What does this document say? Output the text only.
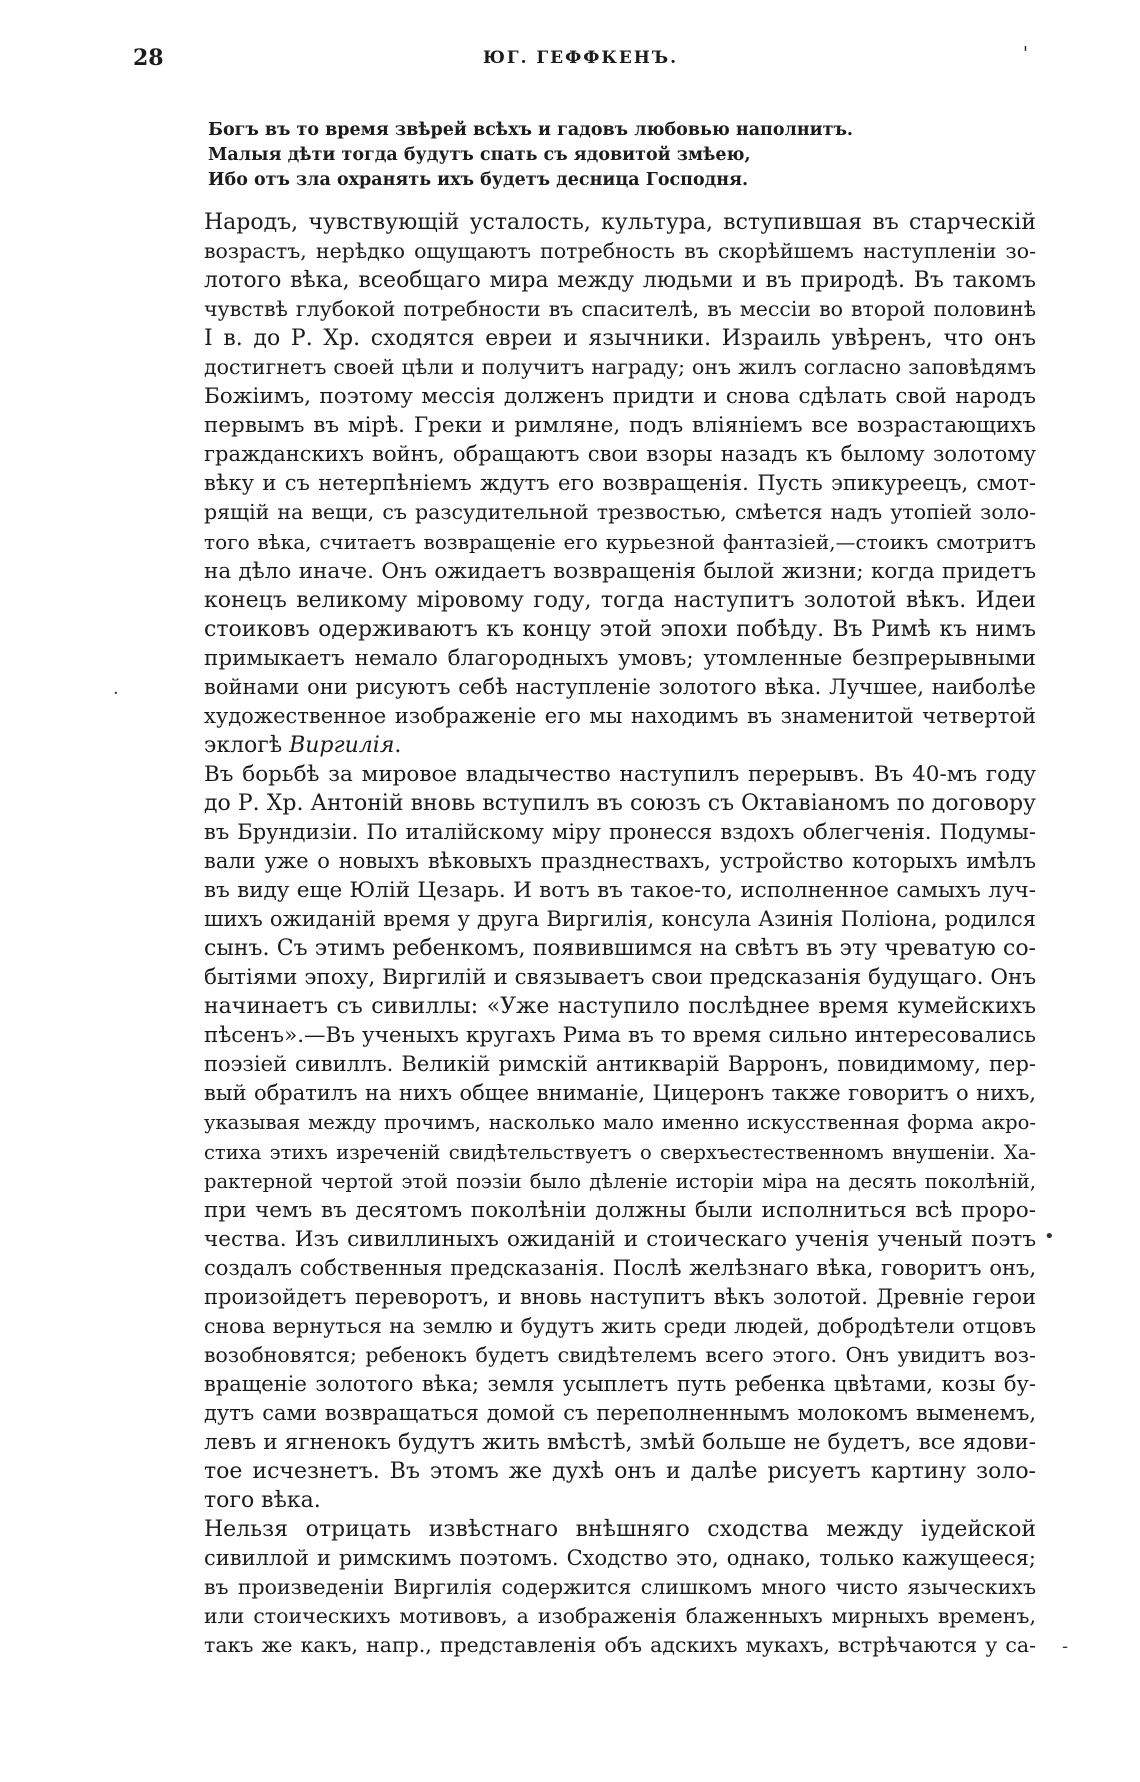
28	ЮГ. ГЕФФКЕНЪ.	'
Богъ въ то время звѣрей всѣхъ и гадовъ любовью наполнитъ.
Малыя дѣти тогда будутъ спать съ ядовитой змѣею,
Ибо отъ зла охранять ихъ будетъ десница Господня.
Народъ, чувствующій усталость, культура, вступившая въ старческій
возрастъ, нерѣдко ощущаютъ потребность въ скорѣйшемъ наступленіи зо-
лотого вѣка, всеобщаго мира между людьми и въ природѣ. Въ такомъ
чувствѣ глубокой потребности въ спасителѣ, въ мессіи во второй половинѣ
I в. до Р. Хр. сходятся евреи и язычники. Израиль увѣренъ, что онъ
достигнетъ своей цѣли и получитъ награду; онъ жилъ согласно заповѣдямъ
Божіимъ, поэтому мессія долженъ придти и снова сдѣлать свой народъ
первымъ въ мірѣ. Греки и римляне, подъ вліяніемъ все возрастающихъ
гражданскихъ войнъ, обращаютъ свои взоры назадъ къ былому золотому
вѣку и съ нетерпѣніемъ ждутъ его возвращенія. Пусть эпикуреецъ, смот-
рящій на вещи, съ разсудительной трезвостью, смѣется надъ утопіей золо-
того вѣка, считаетъ возвращеніе его курьезной фантазіей,—стоикъ смотритъ
на дѣло иначе. Онъ ожидаетъ возвращенія былой жизни; когда придетъ
конецъ великому міровому году, тогда наступитъ золотой вѣкъ. Идеи
стоиковъ одерживаютъ къ концу этой эпохи побѣду. Въ Римѣ къ нимъ
примыкаетъ немало благородныхъ умовъ; утомленные безпрерывными
войнами они рисуютъ себѣ наступленіе золотого вѣка. Лучшее, наиболѣе
художественное изображеніе его мы находимъ въ знаменитой четвертой
эклогѣ Виргилія.
Въ борьбѣ за мировое владычество наступилъ перерывъ. Въ 40-мъ году
до Р. Хр. Антоній вновь вступилъ въ союзъ съ Октавіаномъ по договору
въ Брундизіи. По италійскому міру пронесся вздохъ облегченія. Подумы-
вали уже о новыхъ вѣковыхъ празднествахъ, устройство которыхъ имѣлъ
въ виду еще Юлій Цезарь. И вотъ въ такое-то, исполненное самыхъ луч-
шихъ ожиданій время у друга Виргилія, консула Азинія Поліона, родился
сынъ. Съ этимъ ребенкомъ, появившимся на свѣтъ въ эту чреватую со-
бытіями эпоху, Виргилій и связываетъ свои предсказанія будущаго. Онъ
начинаетъ съ сивиллы: «Уже наступило послѣднее время кумейскихъ
пѣсенъ».—Въ ученыхъ кругахъ Рима въ то время сильно интересовались
поэзіей сивиллъ. Великій римскій антикварій Варронъ, повидимому, пер-
вый обратилъ на нихъ общее вниманіе, Цицеронъ также говоритъ о нихъ,
указывая между прочимъ, насколько мало именно искусственная форма акро-
стиха этихъ изреченій свидѣтельствуетъ о сверхъестественномъ внушеніи. Ха-
рактерной чертой этой поэзіи было дѣленіе исторіи міра на десять поколѣній,
при чемъ въ десятомъ поколѣніи должны были исполниться всѣ проро-
чества. Изъ сивиллиныхъ ожиданій и стоическаго ученія ученый поэтъ
создалъ собственныя предсказанія. Послѣ желѣзнаго вѣка, говоритъ онъ,
произойдетъ переворотъ, и вновь наступитъ вѣкъ золотой. Древніе герои
снова вернуться на землю и будутъ жить среди людей, добродѣтели отцовъ
возобновятся; ребенокъ будетъ свидѣтелемъ всего этого. Онъ увидитъ воз-
вращеніе золотого вѣка; земля усыплетъ путь ребенка цвѣтами, козы бу-
дутъ сами возвращаться домой съ переполненнымъ молокомъ выменемъ,
левъ и ягненокъ будутъ жить вмѣстѣ, змѣй больше не будетъ, все ядови-
тое исчезнетъ. Въ этомъ же духѣ онъ и далѣе рисуетъ картину золо-
того вѣка.
Нельзя отрицать извѣстнаго внѣшняго сходства между іудейской
сивиллой и римскимъ поэтомъ. Сходство это, однако, только кажущееся;
въ произведеніи Виргилія содержится слишкомъ много чисто языческихъ
или стоическихъ мотивовъ, а изображенія блаженныхъ мирныхъ временъ,
такъ же какъ, напр., представленія объ адскихъ мукахъ, встрѣчаются у са-
·
•
-
